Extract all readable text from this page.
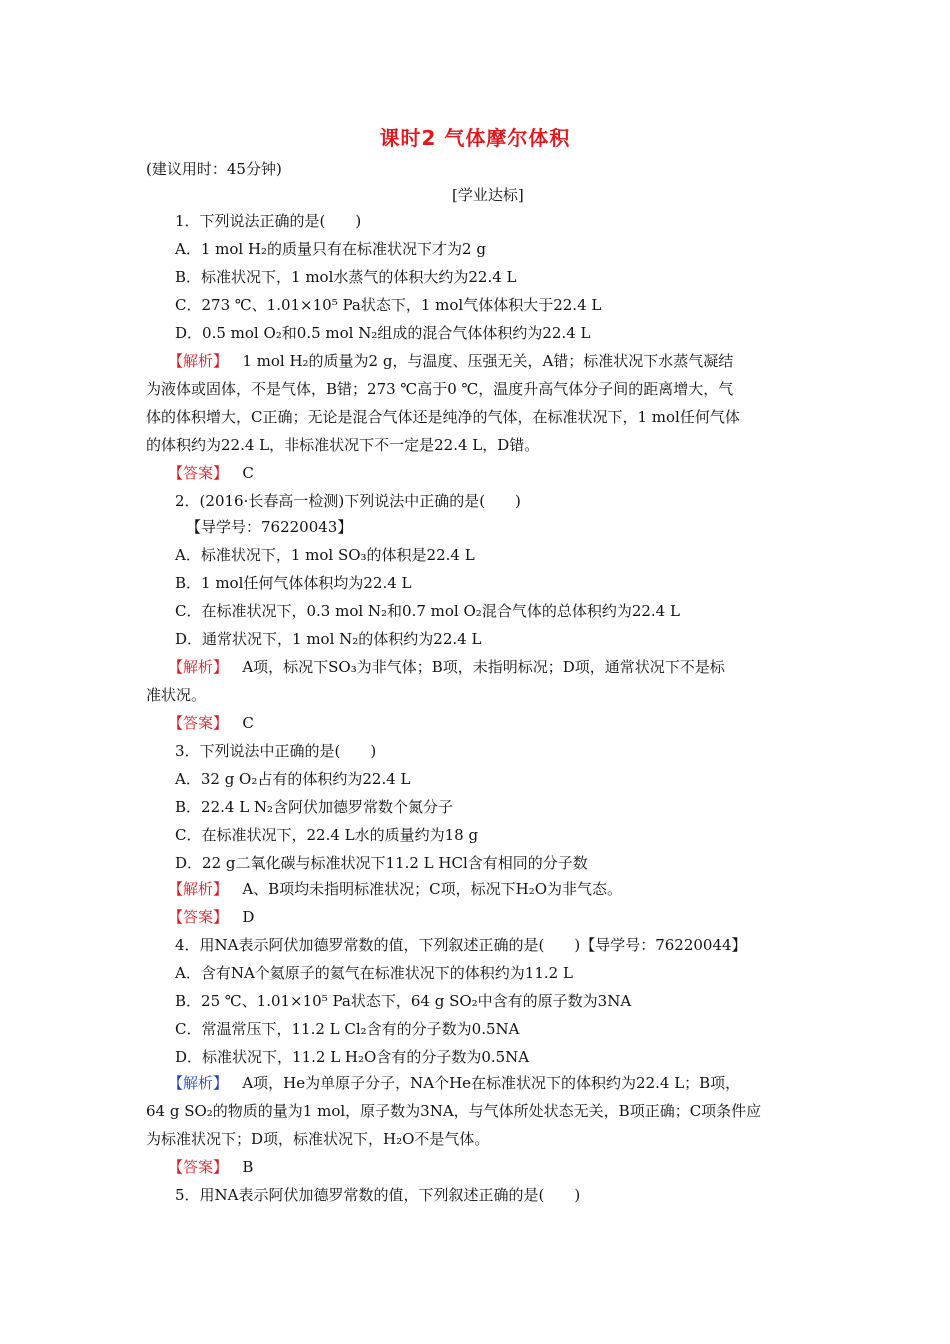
课时2 气体摩尔体积
(建议用时：45分钟)
[学业达标]
1．下列说法正确的是(　　)
A．1 mol H₂的质量只有在标准状况下才为2 g
B．标准状况下，1 mol水蒸气的体积大约为22.4 L
C．273 ℃、1.01×10⁵ Pa状态下，1 mol气体体积大于22.4 L
D．0.5 mol O₂和0.5 mol N₂组成的混合气体体积约为22.4 L
【解析】 1 mol H₂的质量为2 g，与温度、压强无关，A错；标准状况下水蒸气凝结
为液体或固体，不是气体，B错；273 ℃高于0 ℃，温度升高气体分子间的距离增大，气
体的体积增大，C正确；无论是混合气体还是纯净的气体，在标准状况下，1 mol任何气体
的体积约为22.4 L，非标准状况下不一定是22.4 L，D错。
【答案】 C
2．(2016·长春高一检测)下列说法中正确的是(　　)
【导学号：76220043】
A．标准状况下，1 mol SO₃的体积是22.4 L
B．1 mol任何气体体积均为22.4 L
C．在标准状况下，0.3 mol N₂和0.7 mol O₂混合气体的总体积约为22.4 L
D．通常状况下，1 mol N₂的体积约为22.4 L
【解析】 A项，标况下SO₃为非气体；B项，未指明标况；D项，通常状况下不是标
准状况。
【答案】 C
3．下列说法中正确的是(　　)
A．32 g O₂占有的体积约为22.4 L
B．22.4 L N₂含阿伏加德罗常数个氮分子
C．在标准状况下，22.4 L水的质量约为18 g
D．22 g二氧化碳与标准状况下11.2 L HCl含有相同的分子数
【解析】 A、B项均未指明标准状况；C项，标况下H₂O为非气态。
【答案】 D
4．用NA表示阿伏加德罗常数的值，下列叙述正确的是(　　)【导学号：76220044】
A．含有NA个氦原子的氦气在标准状况下的体积约为11.2 L
B．25 ℃、1.01×10⁵ Pa状态下，64 g SO₂中含有的原子数为3NA
C．常温常压下，11.2 L Cl₂含有的分子数为0.5NA
D．标准状况下，11.2 L H₂O含有的分子数为0.5NA
【解析】 A项，He为单原子分子，NA个He在标准状况下的体积约为22.4 L；B项，
64 g SO₂的物质的量为1 mol，原子数为3NA，与气体所处状态无关，B项正确；C项条件应
为标准状况下；D项，标准状况下，H₂O不是气体。
【答案】 B
5．用NA表示阿伏加德罗常数的值，下列叙述正确的是(　　)
